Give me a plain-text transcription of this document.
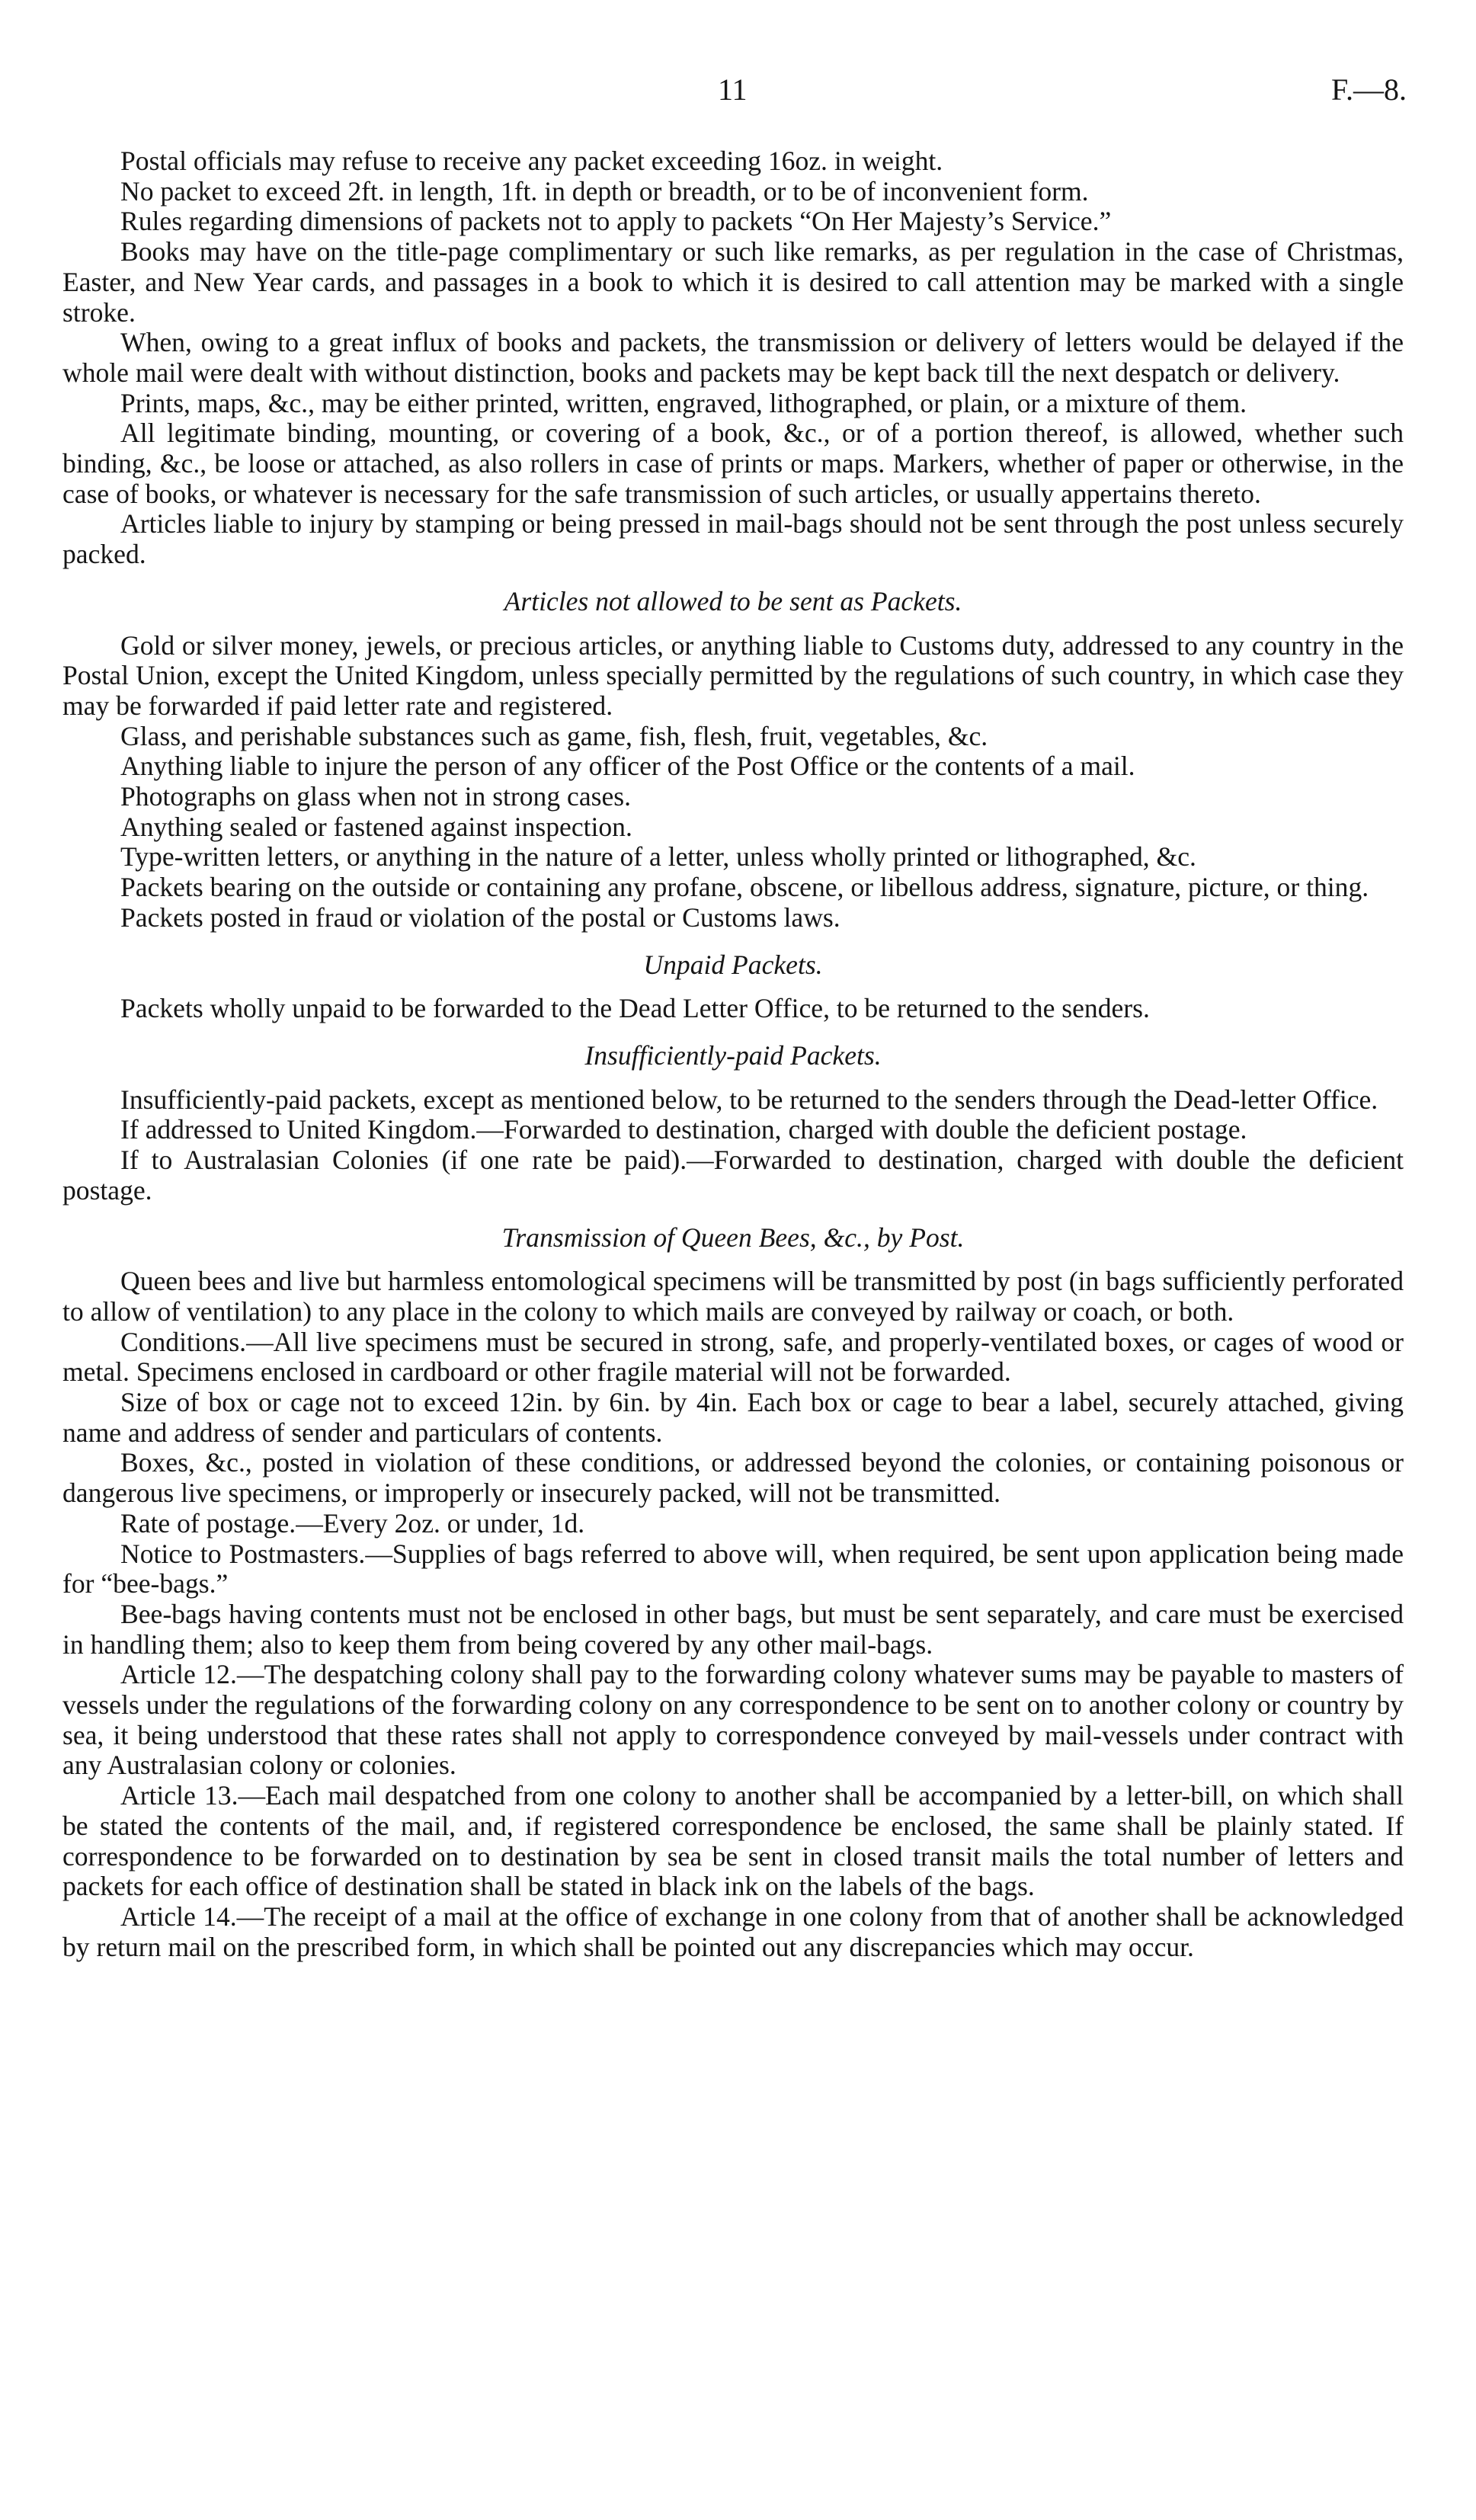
11	F.—8.

Postal officials may refuse to receive any packet exceeding 16oz. in weight.

No packet to exceed 2ft. in length, 1ft. in depth or breadth, or to be of inconvenient form.

Rules regarding dimensions of packets not to apply to packets “On Her Majesty’s Service.”

Books may have on the title-page complimentary or such like remarks, as per regulation in the case of Christmas, Easter, and New Year cards, and passages in a book to which it is desired to call attention may be marked with a single stroke.

When, owing to a great influx of books and packets, the transmission or delivery of letters would be delayed if the whole mail were dealt with without distinction, books and packets may be kept back till the next despatch or delivery.

Prints, maps, &c., may be either printed, written, engraved, lithographed, or plain, or a mixture of them.

All legitimate binding, mounting, or covering of a book, &c., or of a portion thereof, is allowed, whether such binding, &c., be loose or attached, as also rollers in case of prints or maps. Markers, whether of paper or otherwise, in the case of books, or whatever is necessary for the safe transmission of such articles, or usually appertains thereto.

Articles liable to injury by stamping or being pressed in mail-bags should not be sent through the post unless securely packed.

Articles not allowed to be sent as Packets.

Gold or silver money, jewels, or precious articles, or anything liable to Customs duty, addressed to any country in the Postal Union, except the United Kingdom, unless specially permitted by the regulations of such country, in which case they may be forwarded if paid letter rate and registered.

Glass, and perishable substances such as game, fish, flesh, fruit, vegetables, &c.

Anything liable to injure the person of any officer of the Post Office or the contents of a mail.

Photographs on glass when not in strong cases.

Anything sealed or fastened against inspection.

Type-written letters, or anything in the nature of a letter, unless wholly printed or lithographed, &c.

Packets bearing on the outside or containing any profane, obscene, or libellous address, signature, picture, or thing.

Packets posted in fraud or violation of the postal or Customs laws.

Unpaid Packets.

Packets wholly unpaid to be forwarded to the Dead Letter Office, to be returned to the senders.

Insufficiently-paid Packets.

Insufficiently-paid packets, except as mentioned below, to be returned to the senders through the Dead-letter Office.

If addressed to United Kingdom.—Forwarded to destination, charged with double the deficient postage.

If to Australasian Colonies (if one rate be paid).—Forwarded to destination, charged with double the deficient postage.

Transmission of Queen Bees, &c., by Post.

Queen bees and live but harmless entomological specimens will be transmitted by post (in bags sufficiently perforated to allow of ventilation) to any place in the colony to which mails are conveyed by railway or coach, or both.

Conditions.—All live specimens must be secured in strong, safe, and properly-ventilated boxes, or cages of wood or metal. Specimens enclosed in cardboard or other fragile material will not be forwarded.

Size of box or cage not to exceed 12in. by 6in. by 4in. Each box or cage to bear a label, securely attached, giving name and address of sender and particulars of contents.

Boxes, &c., posted in violation of these conditions, or addressed beyond the colonies, or containing poisonous or dangerous live specimens, or improperly or insecurely packed, will not be transmitted.

Rate of postage.—Every 2oz. or under, 1d.

Notice to Postmasters.—Supplies of bags referred to above will, when required, be sent upon application being made for “bee-bags.”

Bee-bags having contents must not be enclosed in other bags, but must be sent separately, and care must be exercised in handling them; also to keep them from being covered by any other mail-bags.

Article 12.—The despatching colony shall pay to the forwarding colony whatever sums may be payable to masters of vessels under the regulations of the forwarding colony on any correspondence to be sent on to another colony or country by sea, it being understood that these rates shall not apply to correspondence conveyed by mail-vessels under contract with any Australasian colony or colonies.

Article 13.—Each mail despatched from one colony to another shall be accompanied by a letter-bill, on which shall be stated the contents of the mail, and, if registered correspondence be enclosed, the same shall be plainly stated. If correspondence to be forwarded on to destination by sea be sent in closed transit mails the total number of letters and packets for each office of destination shall be stated in black ink on the labels of the bags.

Article 14.—The receipt of a mail at the office of exchange in one colony from that of another shall be acknowledged by return mail on the prescribed form, in which shall be pointed out any discrepancies which may occur.
